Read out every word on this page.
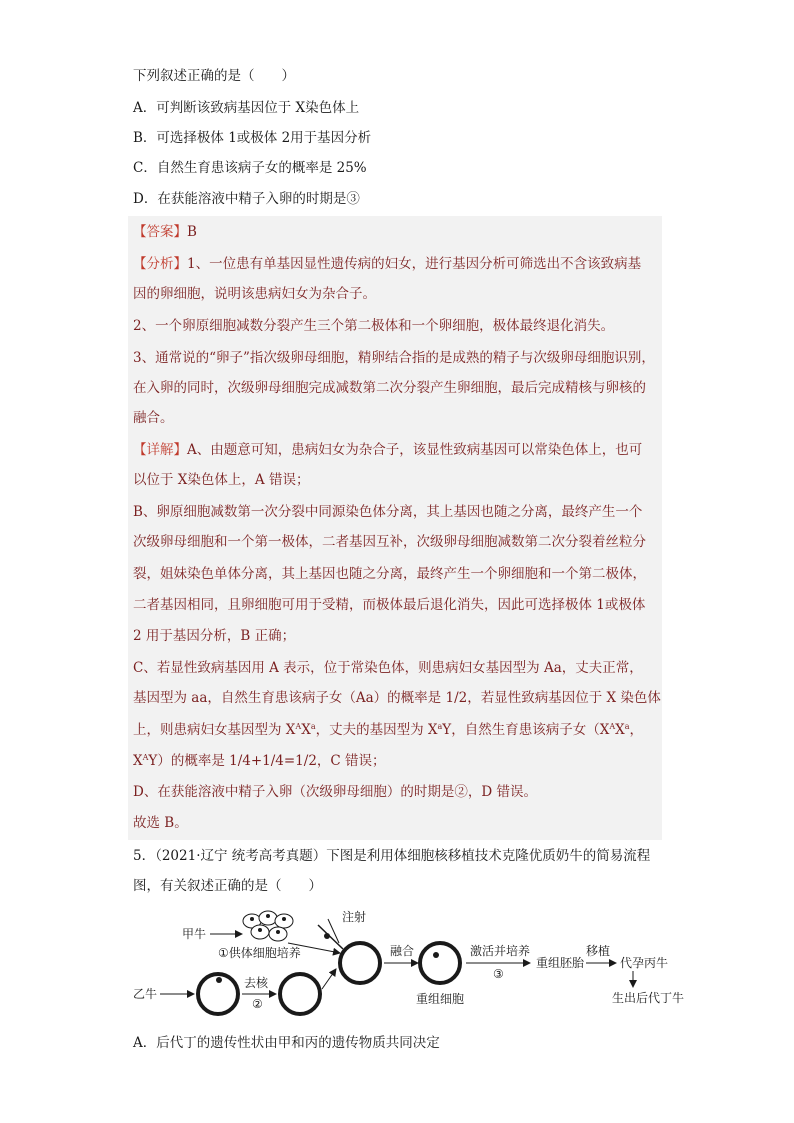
下列叙述正确的是（　　）
A．可判断该致病基因位于 X染色体上
B．可选择极体 1或极体 2用于基因分析
C．自然生育患该病子女的概率是 25%
D．在获能溶液中精子入卵的时期是③
【答案】B
【分析】1、一位患有单基因显性遗传病的妇女，进行基因分析可筛选出不含该致病基
因的卵细胞，说明该患病妇女为杂合子。
2、一个卵原细胞减数分裂产生三个第二极体和一个卵细胞，极体最终退化消失。
3、通常说的“卵子”指次级卵母细胞，精卵结合指的是成熟的精子与次级卵母细胞识别，
在入卵的同时，次级卵母细胞完成减数第二次分裂产生卵细胞，最后完成精核与卵核的
融合。
【详解】A、由题意可知，患病妇女为杂合子，该显性致病基因可以常染色体上，也可
以位于 X染色体上，A 错误；
B、卵原细胞减数第一次分裂中同源染色体分离，其上基因也随之分离，最终产生一个
次级卵母细胞和一个第一极体，二者基因互补，次级卵母细胞减数第二次分裂着丝粒分
裂，姐妹染色单体分离，其上基因也随之分离，最终产生一个卵细胞和一个第二极体，
二者基因相同，且卵细胞可用于受精，而极体最后退化消失，因此可选择极体 1或极体
2 用于基因分析，B 正确；
C、若显性致病基因用 A 表示，位于常染色体，则患病妇女基因型为 Aa，丈夫正常，
基因型为 aa，自然生育患该病子女（Aa）的概率是 1/2，若显性致病基因位于 X 染色体
上，则患病妇女基因型为 $X^AX^a$，丈夫的基因型为 $X^aY$，自然生育患该病子女（$X^AX^a$，
$X^AY$）的概率是 1/4+1/4=1/2，C 错误；
D、在获能溶液中精子入卵（次级卵母细胞）的时期是②，D 错误。
故选 B。
5．（2021·辽宁 统考高考真题）下图是利用体细胞核移植技术克隆优质奶牛的简易流程
图，有关叙述正确的是（　　）
甲牛
①供体细胞培养
乙牛
去核
②
注射
融合
重组细胞
激活并培养
③
重组胚胎
移植
代孕丙牛
生出后代丁牛
A．后代丁的遗传性状由甲和丙的遗传物质共同决定
